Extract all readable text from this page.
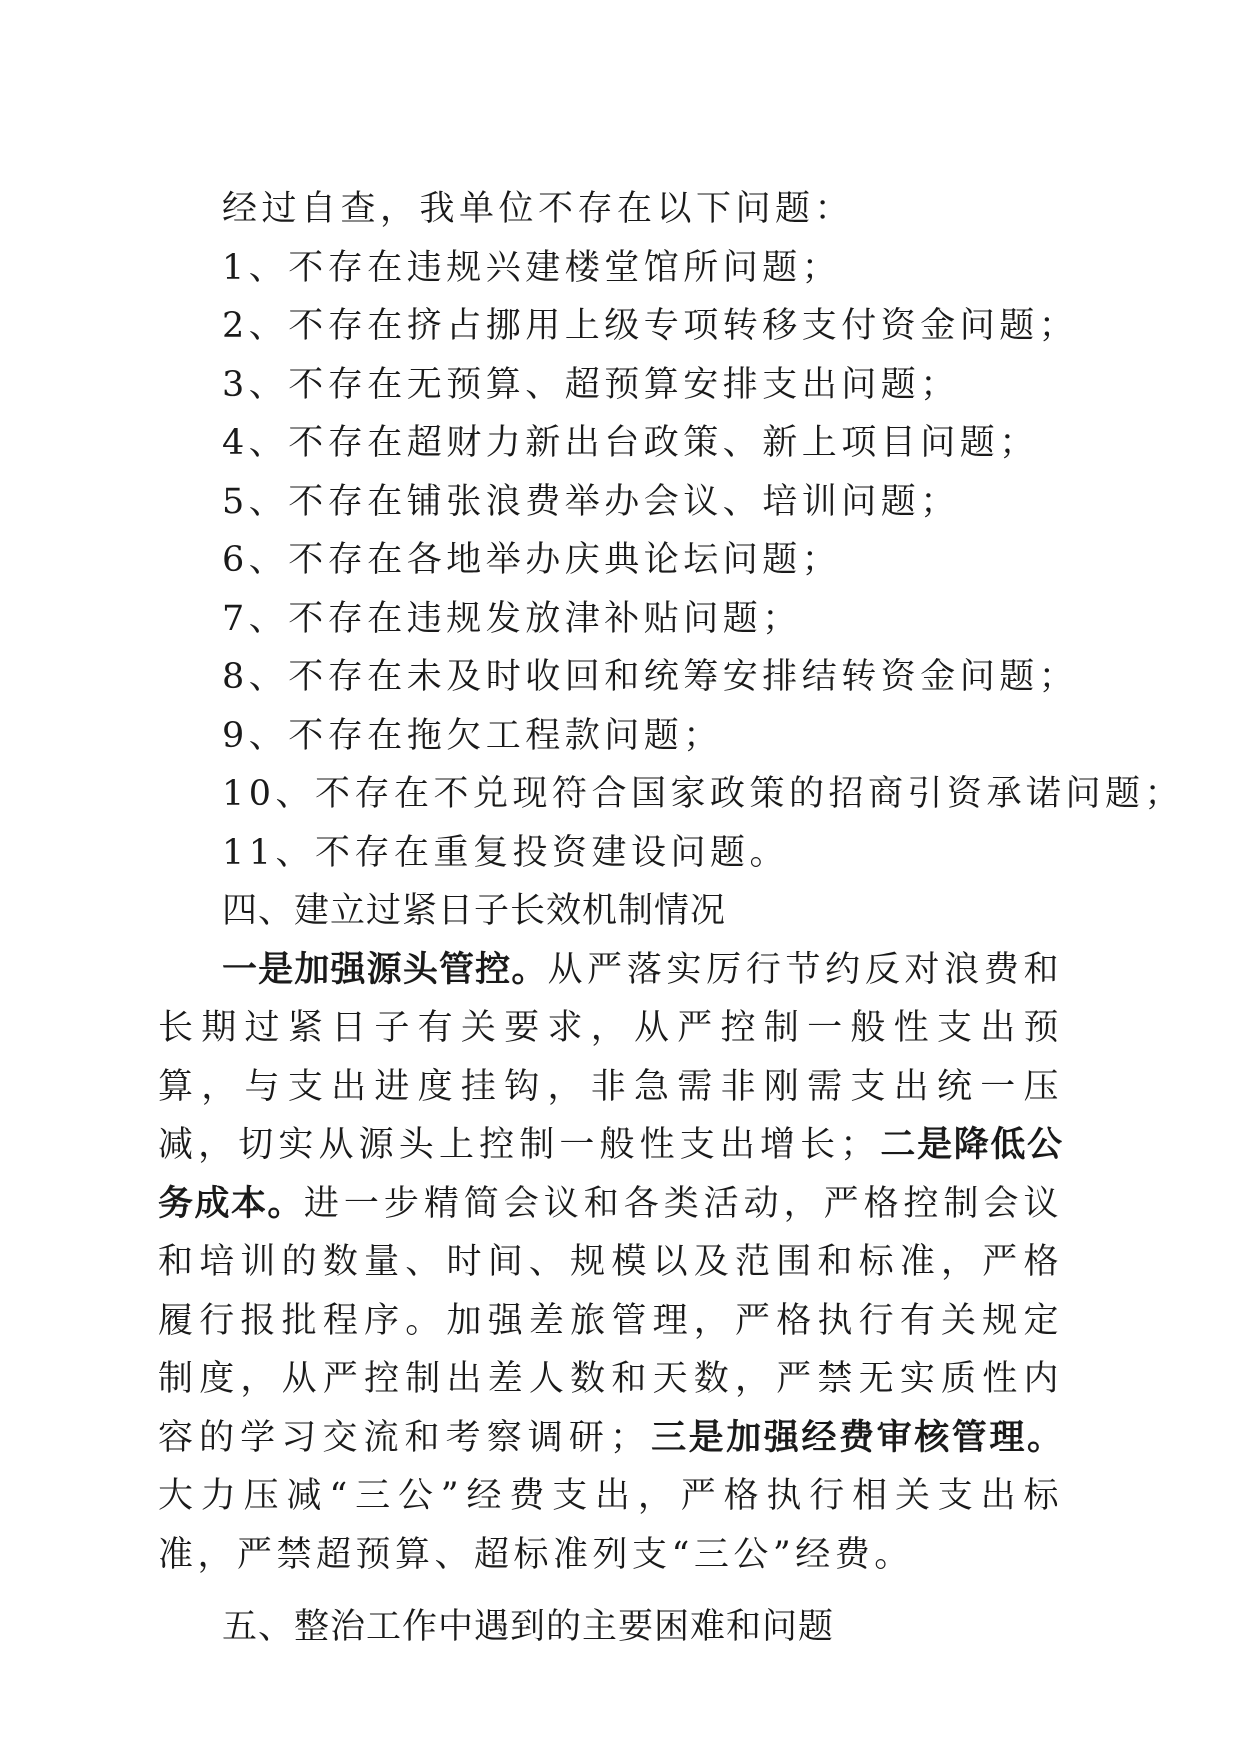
经过自查，我单位不存在以下问题：

1、不存在违规兴建楼堂馆所问题；

2、不存在挤占挪用上级专项转移支付资金问题；

3、不存在无预算、超预算安排支出问题；

4、不存在超财力新出台政策、新上项目问题；

5、不存在铺张浪费举办会议、培训问题；

6、不存在各地举办庆典论坛问题；

7、不存在违规发放津补贴问题；

8、不存在未及时收回和统筹安排结转资金问题；

9、不存在拖欠工程款问题；

10、不存在不兑现符合国家政策的招商引资承诺问题；

11、不存在重复投资建设问题。

四、建立过紧日子长效机制情况

一是加强源头管控。从严落实厉行节约反对浪费和长期过紧日子有关要求，从严控制一般性支出预算，与支出进度挂钩，非急需非刚需支出统一压减，切实从源头上控制一般性支出增长；二是降低公务成本。进一步精简会议和各类活动，严格控制会议和培训的数量、时间、规模以及范围和标准，严格履行报批程序。加强差旅管理，严格执行有关规定制度，从严控制出差人数和天数，严禁无实质性内容的学习交流和考察调研；三是加强经费审核管理。大力压减“三公”经费支出，严格执行相关支出标准，严禁超预算、超标准列支“三公”经费。

五、整治工作中遇到的主要困难和问题
